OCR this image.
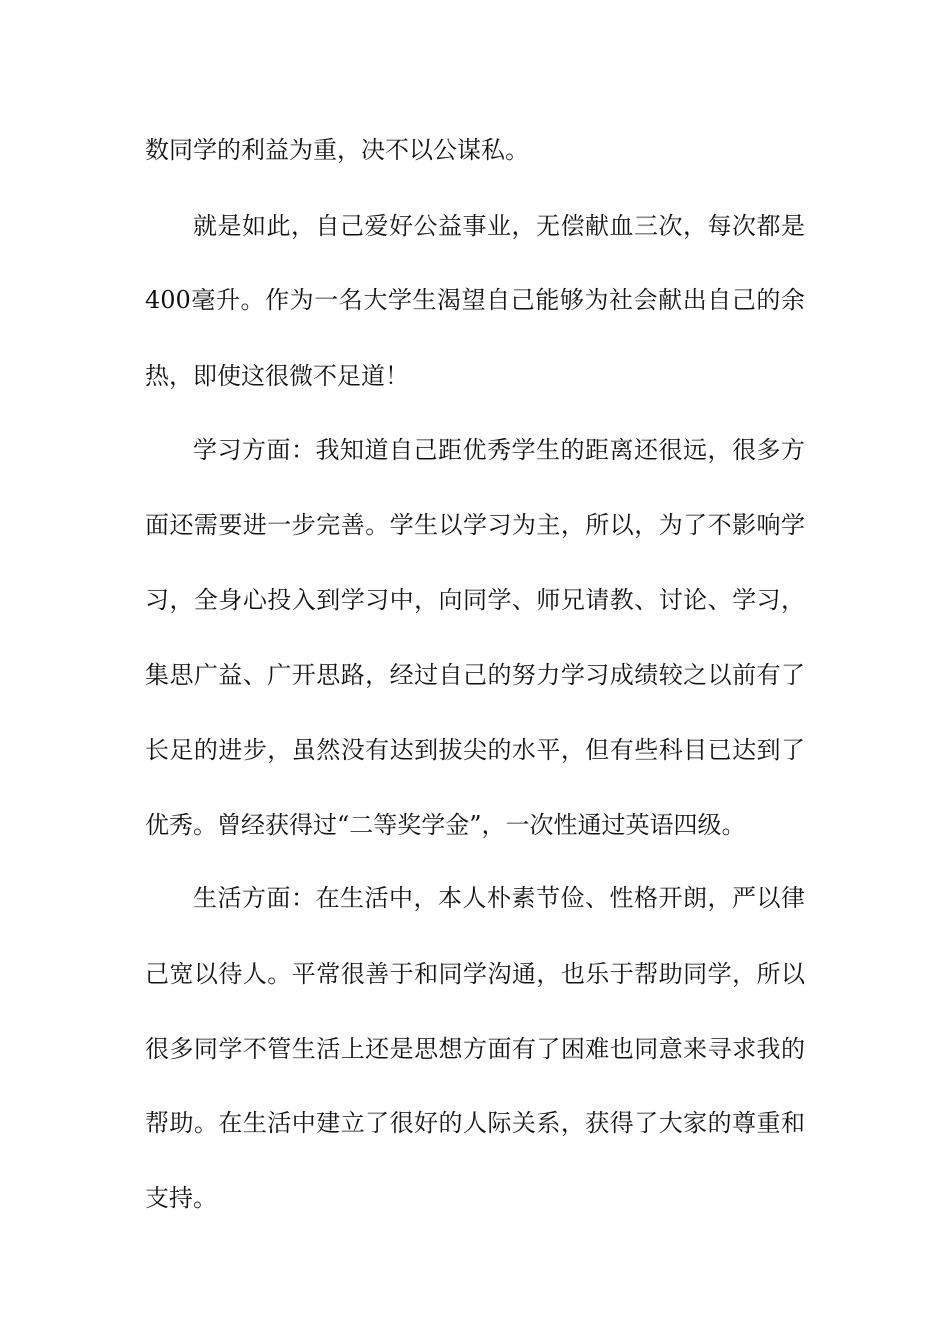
数同学的利益为重，决不以公谋私。
就是如此，自己爱好公益事业，无偿献血三次，每次都是
400毫升。作为一名大学生渴望自己能够为社会献出自己的余
热，即使这很微不足道！
学习方面：我知道自己距优秀学生的距离还很远，很多方
面还需要进一步完善。学生以学习为主，所以，为了不影响学
习，全身心投入到学习中，向同学、师兄请教、讨论、学习，
集思广益、广开思路，经过自己的努力学习成绩较之以前有了
长足的进步，虽然没有达到拔尖的水平，但有些科目已达到了
优秀。曾经获得过“二等奖学金”，一次性通过英语四级。
生活方面：在生活中，本人朴素节俭、性格开朗，严以律
己宽以待人。平常很善于和同学沟通，也乐于帮助同学，所以
很多同学不管生活上还是思想方面有了困难也同意来寻求我的
帮助。在生活中建立了很好的人际关系，获得了大家的尊重和
支持。
